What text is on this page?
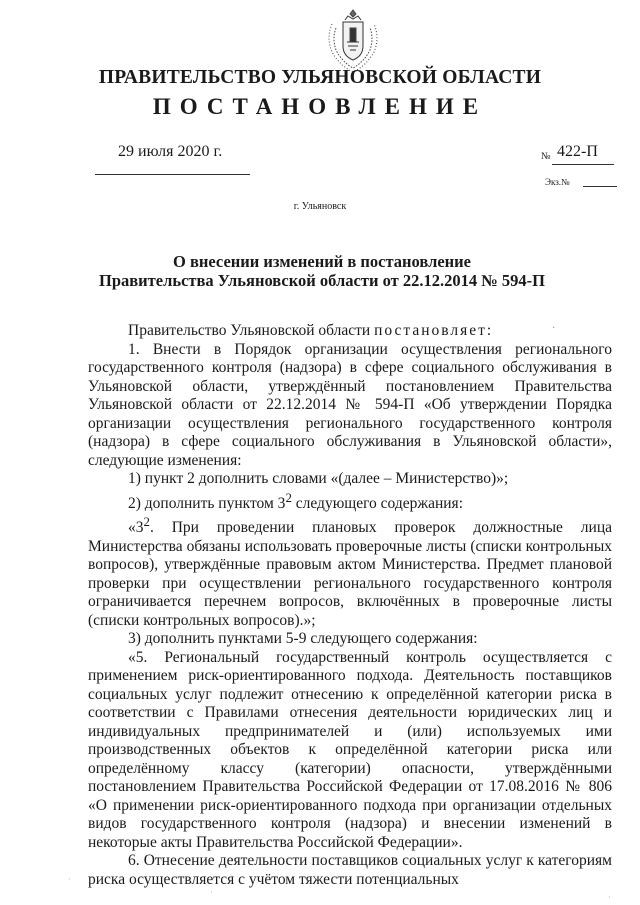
ПРАВИТЕЛЬСТВО УЛЬЯНОВСКОЙ ОБЛАСТИ
ПОСТАНОВЛЕНИЕ
29 июля 2020 г.	№ 422-П
Экз.№
г. Ульяновск
О внесении изменений в постановление
Правительства Ульяновской области от 22.12.2014 № 594-П
·

Правительство Ульяновской области постановляет:

1. Внести в Порядок организации осуществления регионального государственного контроля (надзора) в сфере социального обслуживания в Ульяновской области, утверждённый постановлением Правительства Ульяновской области от 22.12.2014 № 594-П «Об утверждении Порядка организации осуществления регионального государственного контроля (надзора) в сфере социального обслуживания в Ульяновской области», следующие изменения:

1) пункт 2 дополнить словами «(далее – Министерство)»;

2) дополнить пунктом $3^2$ следующего содержания:

«$3^2$. При проведении плановых проверок должностные лица Министерства обязаны использовать проверочные листы (списки контрольных вопросов), утверждённые правовым актом Министерства. Предмет плановой проверки при осуществлении регионального государственного контроля ограничивается перечнем вопросов, включённых в проверочные листы (списки контрольных вопросов).»;

3) дополнить пунктами 5-9 следующего содержания:

«5. Региональный государственный контроль осуществляется с применением риск-ориентированного подхода. Деятельность поставщиков социальных услуг подлежит отнесению к определённой категории риска в соответствии с Правилами отнесения деятельности юридических лиц и индивидуальных предпринимателей и (или) используемых ими производственных объектов к определённой категории риска или определённому классу (категории) опасности, утверждёнными постановлением Правительства Российской Федерации от 17.08.2016 № 806 «О применении риск-ориентированного подхода при организации отдельных видов государственного контроля (надзора) и внесении изменений в некоторые акты Правительства Российской Федерации».

6. Отнесение деятельности поставщиков социальных услуг к категориям риска осуществляется с учётом тяжести потенциальных

·
·
·
